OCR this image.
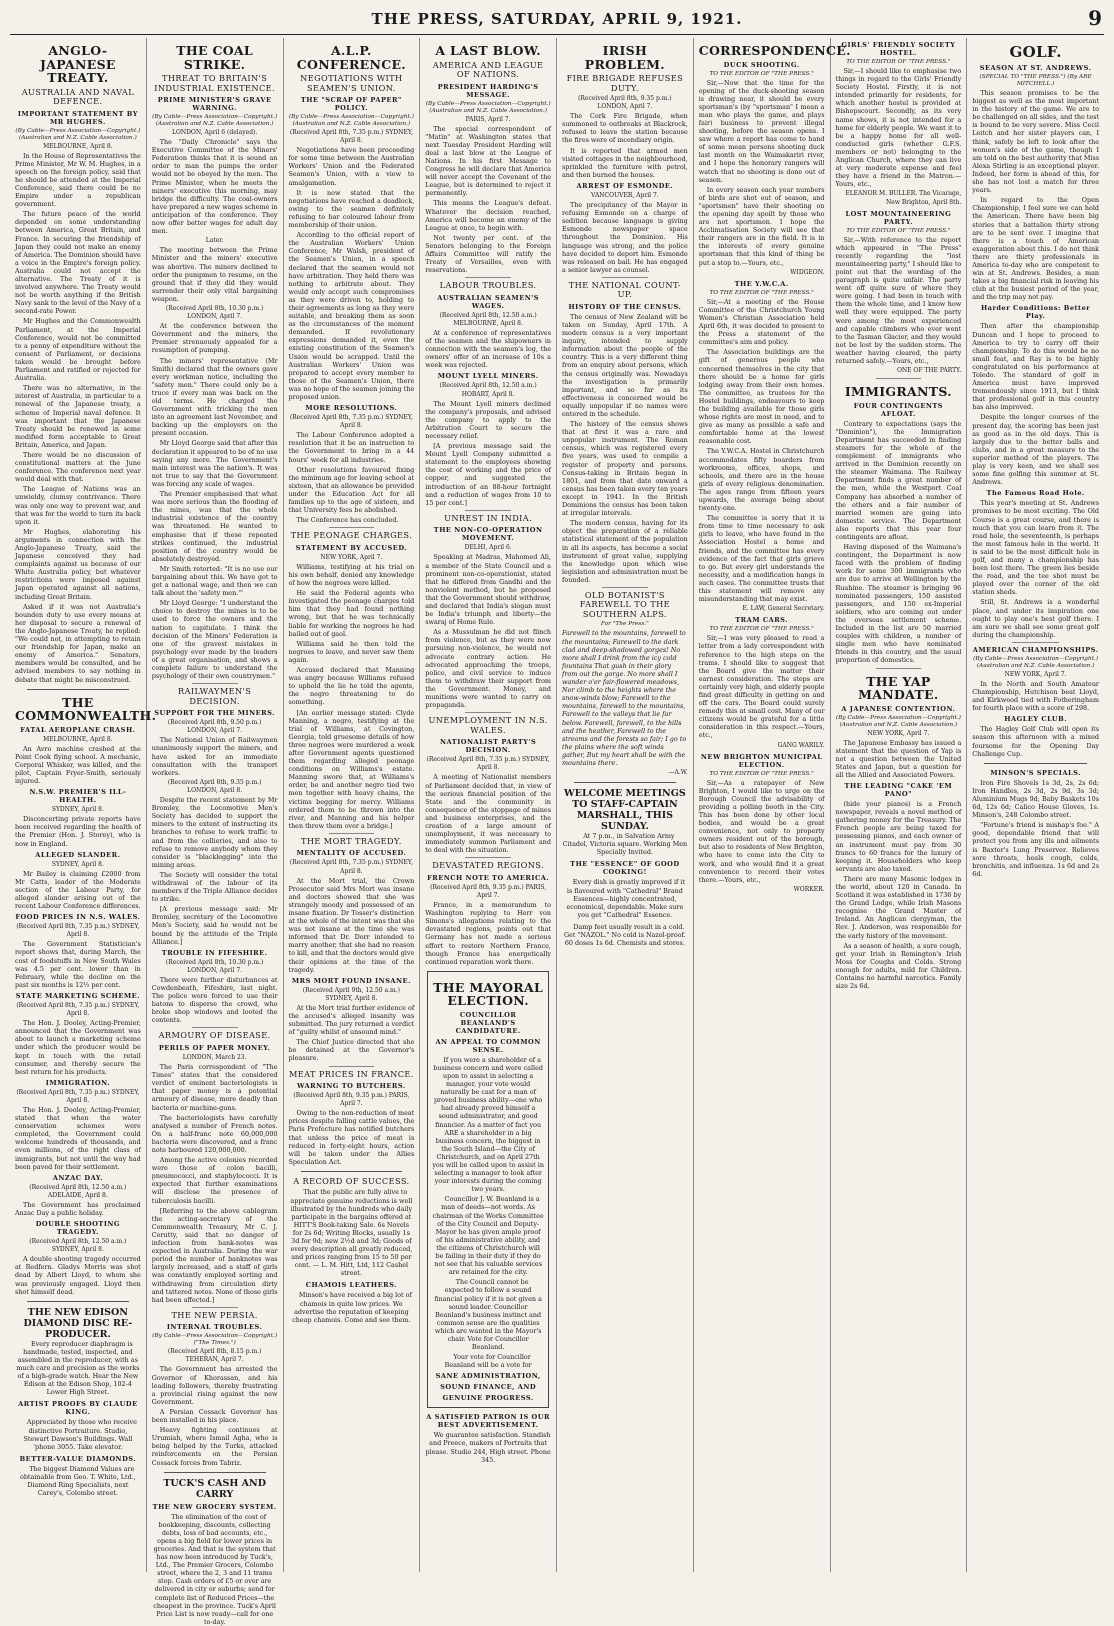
THE PRESS, SATURDAY, APRIL 9, 1921.	9
ANGLO-JAPANESE TREATY.
AUSTRALIA AND NAVAL DEFENCE.
IMPORTANT STATEMENT BY MR HUGHES.
(By Cable—Press Association—Copyright.) (Australian and N.Z. Cable Association.)
MELBOURNE, April 8.

In the House of Representatives the Prime Minister, Mr W. M. Hughes, in a speech on the foreign policy, said that he should be attended at the Imperial Conference, said there could be no Empire under a republican government.

The future peace of the world depended on some understanding between America, Great Britain, and France. In securing the friendship of Japan they could not make an enemy of America. The Dominion should have a voice in the Empire's foreign policy. Australia could not accept the alternative. The Treaty of it is involved anywhere. The Treaty would not be worth anything if the British Navy sank to the level of the Navy of a second-rate Power.

Mr Hughes and the Commonwealth Parliament, at the Imperial Conference, would not be committed to a penny of expenditure without the consent of Parliament, or decisions taken would be brought before Parliament and ratified or rejected for Australia.

There was no alternative, in the interest of Australia, in particular to a renewal of the Japanese treaty, a scheme of Imperial naval defence. It was important that the Japanese Treaty should be renewed in some modified form acceptable to Great Britain, America, and Japan.

There would be no discussion of constitutional matters at the June conference. The conference next year would deal with that.

The League of Nations was an unwieldy, clumsy contrivance. There was only one way to prevent war, and that was for the world to turn its back upon it.

Mr Hughes, elaborating his arguments in connection with the Anglo-Japanese Treaty, said the Japanese conceived they had complaints against us because of our White Australia policy, but whatever restrictions were imposed against Japan operated against all nations, including Great Britain.

Asked if it was not Australia's bounden duty to use every means at her disposal to secure a renewal of the Anglo-Japanese Treaty, he replied: "We could not, in attempting to retain our friendship for Japan, make an enemy of America." Senators, members would be consulted, and he advised members to say nothing in debate that might be misconstrued.

THE COMMONWEALTH.
FATAL AEROPLANE CRASH.
MELBOURNE, April 8.

An Avro machine crashed at the Point Cook flying school. A mechanic, Corporal Whisker, was killed, and the pilot, Captain Fryer-Smith, seriously injured.

N.S.W. PREMIER'S ILL-HEALTH.
SYDNEY, April 8.

Disconcerting private reports have been received regarding the health of the Premier (Hon. J. Storey), who is now in England.

ALLEGED SLANDER.
SYDNEY, April 8.

Mr Bailey is claiming £2000 from Mr Catts, leader of the Moderate section of the Labour Party, for alleged slander arising out of the recent Labour Conference differences.

FOOD PRICES IN N.S. WALES.
(Received April 8th, 7.35 p.m.) SYDNEY, April 8.

The Government Statistician's report shows that, during March, the cost of foodstuffs in New South Wales was 4.5 per cent. lower than in February, while the decline on the past six months is 12½ per cent.

STATE MARKETING SCHEME.
(Received April 8th, 7.35 p.m.) SYDNEY, April 8.

The Hon. J. Dooley, Acting-Premier, announced that the Government was about to launch a marketing scheme under which the producer would be kept in touch with the retail consumer, and thereby secure the best return for his products.

IMMIGRATION.
(Received April 8th, 7.35 p.m.) SYDNEY, April 8.

The Hon. J. Dooley, Acting-Premier, stated that when the water conservation schemes were completed, the Government could welcome hundreds of thousands, and even millions, of the right class of immigrants, but not until the way had been paved for their settlement.

ANZAC DAY.
(Received April 8th, 12.50 a.m.) ADELAIDE, April 8.

The Government has proclaimed Anzac Day a public holiday.

DOUBLE SHOOTING TRAGEDY.
(Received April 8th, 12.50 a.m.) SYDNEY, April 8.

A double shooting tragedy occurred at Redfern. Gladys Morris was shot dead by Albert Lloyd, to whom she was previously engaged. Lloyd then shot himself dead.

THE NEW EDISON DIAMOND DISC RE-PRODUCER.

Every reproducer diaphragm is handmade, tested, inspected, and assembled in the reproducer, with as much care and precision as the works of a high-grade watch. Hear the New Edison at the Edison Shop, 102-4 Lower High Street.

ARTIST PROOFS BY CLAUDE KING.

Appreciated by those who receive distinctive Portraiture. Studio, Stewart Dawson's Buildings. Wall 'phone 3055. Take elevator.

BETTER-VALUE DIAMONDS.

The biggest Diamond Values are obtainable from Geo. T. White, Ltd., Diamond Ring Specialists, next Carey's, Colombo street.

THE COAL STRIKE.
THREAT TO BRITAIN'S INDUSTRIAL EXISTENCE.
PRIME MINISTER'S GRAVE WARNING.
(By Cable—Press Association—Copyright.) (Australian and N.Z. Cable Association.)
LONDON, April 6 (delayed).

The "Daily Chronicle" says the Executive Committee of the Miners' Federation thinks that it is sound an order to man the pumps the order would not be obeyed by the men. The Prime Minister, when he meets the miners' executive this morning, may bridge the difficulty. The coal-owners have prepared a new wages scheme in anticipation of the conference. They now offer better wages for adult day men.

Later.

The meeting between the Prime Minister and the miners' executive was abortive. The miners declined to order the pumpmen to resume, on the ground that if they did they would surrender their only vital bargaining weapon.

(Received April 8th, 10.30 p.m.) LONDON, April 7.

At the conference between the Government and the miners, the Premier strenuously appealed for a resumption of pumping.

The miners' representative (Mr Smith) declared that the owners gave every workman notice, including the "safety men." There could only be a truce if every man was back on the old terms. He charged the Government with tricking the men into an agreement last November, and backing up the employers on the present occasion.

Mr Lloyd George said that after this declaration it appeared to be of no use saying any more. The Government's main interest was the nation's. It was not true to say that the Government was forcing any scale of wages.

The Premier emphasised that what was more serious than the flooding of the mines, was that the whole industrial existence of the country was threatened. He wanted to emphasise that if these repeated strikes continued, the industrial position of the country would be absolutely destroyed.

Mr Smith retorted: "It is no use our bargaining about this. We have got to get a national wage, and then we can talk about the 'safety men.'"

Mr Lloyd George: "I understand the choice to destroy the mines is to be used to force the owners and the nation to capitulate. I think the decision of the Miners' Federation is one of the gravest mistakes in psychology ever made by the leaders of a great organisation, and shows a complete failure to understand the psychology of their own countrymen."

RAILWAYMEN'S DECISION.
SUPPORT FOR THE MINERS.
(Received April 8th, 9.50 p.m.) LONDON, April 7.

The National Union of Railwaymen unanimously support the miners, and have asked for an immediate consultation with the transport workers.

(Received April 8th, 9.35 p.m.) LONDON, April 8.

Despite the recent statement by Mr Bromley, the Locomotive Men's Society has decided to support the miners to the extent of instructing its branches to refuse to work traffic to and from the collieries, and also to refuse to remove anybody whom they consider is "blacklegging" into the mining areas.

The Society will consider the total withdrawal of the labour of its members if the Triple Alliance decides to strike.

[A previous message said: Mr Bromley, secretary of the Locomotive Men's Society, said he would not be bound by the attitude of the Triple Alliance.]

TROUBLE IN FIFESHIRE.
(Received April 8th, 10.30 p.m.) LONDON, April 7.

There were further disturbances at Cowdenbeath, Fifeshire, last night. The police were forced to use their batons to disperse the crowd, who broke shop windows and looted the contents.

ARMOURY OF DISEASE.
PERILS OF PAPER MONEY.
LONDON, March 23.

The Paris correspondent of "The Times" states that the considered verdict of eminent bacteriologists is that paper money is a potential armoury of disease, more deadly than bacteria or machine-guns.

The bacteriologists have carefully analysed a number of French notes. On a half-franc note 60,000,000 bacteria were discovered, and a franc note harboured 120,000,000.

Among the active colonies recorded were those of colon bacilli, pneumococci, and staphylococci. It is expected that further examinations will disclose the presence of tuberculosis bacilli.

[Referring to the above cablegram the acting-secretary of the Commonwealth Treasury, Mr C. J. Cerutty, said that no danger of infection from bank-notes was expected in Australia. During the war period the number of banknotes was largely increased, and a staff of girls was constantly employed sorting and withdrawing from circulation dirty and tattered notes. None of those girls had been affected.]

THE NEW PERSIA.
INTERNAL TROUBLES.
(By Cable—Press Association—Copyright.) ("The Times.")
(Received April 8th, 8.15 p.m.) TEHERAN, April 7.

The Government has arrested the Governor of Khorassan, and his leading followers, thereby frustrating a provincial rising against the new Government.

A Persian Cossack Governor has been installed in his place.

Heavy fighting continues at Urumiah, where Ismail Agha, who is being helped by the Turks, attacked reinforcements on the Persian Cossack forces from Tabriz.

TUCK'S CASH AND CARRY
THE NEW GROCERY SYSTEM.

The elimination of the cost of bookkeeping, discounts, collecting debts, loss of bad accounts, etc., opens a big field for lower prices in groceries. And that is the system that has now been introduced by Tuck's, Ltd., The Premier Grocers, Colombo street, where the 2, 3 and 11 trams stop. Cash orders of £5 or over are delivered in city or suburbs; send for complete list of Reduced Prices—the cheapest in the province. Tuck's April Price List is now ready—call for one to-day.

A.L.P. CONFERENCE.
NEGOTIATIONS WITH SEAMEN'S UNION.
THE "SCRAP OF PAPER" POLICY.
(By Cable—Press Association—Copyright.) (Australian and N.Z. Cable Association.)
(Received April 8th, 7.35 p.m.) SYDNEY, April 8.

Negotiations have been proceeding for some time between the Australian Workers' Union and the Federated Seamen's Union, with a view to amalgamation.

It is now stated that the negotiations have reached a deadlock, owing to the seamen definitely refusing to bar coloured labour from membership of their union.

According to the official report of the Australian Workers' Union Conference, Mr Walsh, president of the Seamen's Union, in a speech declared that the seamen would not have arbitration. They held there was nothing to arbitrate about. They would only accept such compromises as they were driven to, holding to their agreements as long as they were suitable, and breaking them as soon as the circumstances of the moment demanded. If revolutionary expressions demanded it, even the existing constitution of the Seamen's Union would be scrapped. Until the Australian Workers' Union was prepared to accept every member to those of the Seamen's Union, there was no hope of the seamen joining the proposed union.

MORE RESOLUTIONS.
(Received April 8th, 7.35 p.m.) SYDNEY, April 8.

The Labour Conference adopted a resolution that it be an instruction to the Government to bring in a 44 hours' week for all industries.

Other resolutions favoured fixing the minimum age for leaving school at sixteen, that an allowance be provided under the Education Act for all families up to the age of sixteen, and that University fees be abolished.

The Conference has concluded.

THE PEONAGE CHARGES.
STATEMENT BY ACCUSED.
NEW YORK, April 7.

Williams, testifying at his trial on his own behalf, denied any knowledge of how the negroes were killed.

He said the Federal agents who investigated the peonage charges told him that they had found nothing wrong, but that he was technically liable for working the negroes he had bailed out of gaol.

Williams said he then told the negroes to leave, and never saw them again.

Accused declared that Manning was angry because Williams refused to uphold the lie he told the agents, the negro threatening to do something.

[An earlier message stated: Clyde Manning, a negro, testifying at the trial of Williams, at Covington, Georgia, told gruesome details of how three negroes were murdered a week after Government agents questioned them regarding alleged peonage conditions on Williams's estate. Manning swore that, at Williams's order, he and another negro tied two men together with heavy chains, the victims begging for mercy. Williams ordered them to be thrown into the river, and Manning and his helper then threw them over a bridge.]

THE MORT TRAGEDY.
MENTALITY OF ACCUSED.
(Received April 8th, 7.35 p.m.) SYDNEY, April 8.

At the Mort trial, the Crown Prosecutor said Mrs Mort was insane and doctors showed that she was strangely moody and possessed of an insane fixation. Dr Tosser's distinction at the whole of the intent was that she was not insane at the time she was informed that Dr. Dorr intended to marry another, that she had no reason to kill, and that the doctors would give their opinions at the time of the tragedy.

MRS MORT FOUND INSANE.
(Received April 9th, 12.50 a.m.) SYDNEY, April 8.

At the Mort trial further evidence of the accused's alleged insanity was submitted. The jury returned a verdict of "guilty whilst of unsound mind."

The Chief Justice directed that she be detained at the Governor's pleasure.

MEAT PRICES IN FRANCE.
WARNING TO BUTCHERS.
(Received April 8th, 9.35 p.m.) PARIS, April 7.

Owing to the non-reduction of meat prices despite falling cattle values, the Paris Prefecture has notified butchers that unless the price of meat is reduced in forty-eight hours, action will be taken under the Allies Speculation Act.

A RECORD OF SUCCESS.

That the public are fully alive to appreciate genuine reductions is well illustrated by the hundreds who daily participate in the bargains offered at HITT'S Book-taking Sale. 6s Novels for 2s 6d; Writing Blocks, usually 1s 3d for 9d; new 2½d and 3d; Goods of every description all greatly reduced, and prices ranging from 15 to 50 per cent. — L. M. Hitt, Ltd, 112 Cashel street.

CHAMOIS LEATHERS.

Minson's have received a big lot of chamois in quite low prices. We advertise the reputation of keeping cheap chamois. Come and see them.

A LAST BLOW.
AMERICA AND LEAGUE OF NATIONS.
PRESIDENT HARDING'S MESSAGE.
(By Cable—Press Association—Copyright.) (Australian and N.Z. Cable Association.)
PARIS, April 7.

The special correspondent of "Matin" at Washington states that next Tuesday President Harding will deal a last blow at the League of Nations. In his first Message to Congress he will declare that America will never accept the Covenant of the League, but is determined to reject it permanently.

This means the League's defeat. Whatever the decision reached, America will become an enemy of the League at once, to begin with.

Not twenty per cent. of the Senators belonging to the Foreign Affairs Committee will ratify the Treaty of Versailles, even with reservations.

LABOUR TROUBLES.
AUSTRALIAN SEAMEN'S WAGES.
(Received April 8th, 12.50 a.m.) MELBOURNE, April 8.

At a conference of representatives of the seamen and the shipowners in connection with the seamen's log, the owners' offer of an increase of 10s a week was rejected.

MOUNT LYELL MINERS.
(Received April 8th, 12.50 a.m.) HOBART, April 8.

The Mount Lyell miners declined the company's proposals, and advised the company to apply to the Arbitration Court to secure the necessary relief.

[A previous message said the Mount Lyell Company submitted a statement to the employees showing the cost of working and the price of copper, and suggested the introduction of an 88-hour fortnight and a reduction of wages from 10 to 15 per cent.]

UNREST IN INDIA.
THE NON-CO-OPERATION MOVEMENT.
DELHI, April 6.

Speaking at Madras, Mahomed Ali, a member of the State Council and a prominent non-co-operationist, stated that he differed from Gandhi and the nonviolent method, but he proposed that the Government should withdraw, and declared that India's slogan must be India's triumph and liberty—the swaraj of Home Rule.

As a Mussulman he did not flinch from violence, but as they were now pursuing non-violence, he would not advocate contrary action. He advocated approaching the troops, police, and civil service to induce them to withdraw their support from the Government. Money, and munitions were wanted to carry on propaganda.

UNEMPLOYMENT IN N.S. WALES.
NATIONALIST PARTY'S DECISION.
(Received April 8th, 7.35 p.m.) SYDNEY, April 8.

A meeting of Nationalist members of Parliament decided that, in view of the serious financial position of the State and the community in consequence of the stoppage of mines and business enterprises, and the creation of a large amount of unemployment, it was necessary to immediately summon Parliament and to deal with the situation.

DEVASTATED REGIONS.
FRENCH NOTE TO AMERICA.
(Received April 8th, 9.35 p.m.) PARIS, April 7.

France, in a memorandum to Washington replying to Herr von Simons's allegations relating to the devastated regions, points out that Germany has not made a serious effort to restore Northern France, though France has energetically continued reparation work there.

THE MAYORAL ELECTION.
COUNCILLOR BEANLAND'S CANDIDATURE.
AN APPEAL TO COMMON SENSE.

If you were a shareholder of a business concern and were called upon to assist in selecting a manager, your vote would naturally be cast for a man of proved business ability—one who had already proved himself a sound administrator, and good financier. As a matter of fact you ARE a shareholder in a big business concern, the biggest in the South Island—the City of Christchurch, and on April 27th you will be called upon to assist in selecting a manager to look after your interests during the coming two years.

Councillor J. W. Beanland is a man of deeds—not words. As chairman of the Works Committee of the City Council and Deputy-Mayor he has given ample proof of his administrative ability, and the citizens of Christchurch will be failing in their duty if they do not see that his valuable services are retained for the city.

The Council cannot be expected to follow a sound financial policy if it is not given a sound leader. Councillor Beanland's business instinct and common sense are the qualities which are wanted in the Mayor's chair. Vote for Councillor Beanland.

Your vote for Councillor Beanland will be a vote for

SANE ADMINISTRATION,
SOUND FINANCE, AND
GENUINE PROGRESS.
A SATISFIED PATRON IS OUR BEST ADVERTISEMENT.

We guarantee satisfaction. Standish and Preece, makers of Portraits that please. Studio 244, High street. Phone 345.

IRISH PROBLEM.
FIRE BRIGADE REFUSES DUTY.
(Received April 8th, 9.35 p.m.) LONDON, April 7.

The Cork Fire Brigade, when summoned to outbreaks at Blackrock, refused to leave the station because the fires were of incendiary origin.

It is reported that armed men visited cottages in the neighbourhood, sprinkled the furniture with petrol, and then burned the houses.

ARREST OF ESMONDE.
VANCOUVER, April 7.

The precipitancy of the Mayor in refusing Esmonde on a charge of sedition because language is giving Esmonde newspaper space throughout the Dominion. His language was strong, and the police have decided to deport him. Esmonde was released on bail. He has engaged a senior lawyer as counsel.

THE NATIONAL COUNT-UP.
HISTORY OF THE CENSUS.

The census of New Zealand will be taken on Sunday, April 17th. A modern census is a very important inquiry, intended to supply information about the people of the country. This is a very different thing from an enquiry about persons, which the census originally was. Nowadays the investigation is primarily important, and so far as its effectiveness is concerned would be equally unpopular if no names were entered in the schedule.

The history of the census shows that at first it was a rare and unpopular instrument. The Roman census, which was registered every five years, was used to compile a register of property and persons. Census-taking in Britain began in 1801, and from that date onward a census has been taken every ten years except in 1941. In the British Dominions the census has been taken at irregular intervals.

The modern census, having for its object the preparation of a reliable statistical statement of the population in all its aspects, has become a social instrument of great value, supplying the knowledge upon which wise legislation and administration must be founded.

OLD BOTANIST'S FAREWELL TO THE SOUTHERN ALPS.
For "The Press."

Farewell to the mountains, farewell to the mountains; Farewell to the dark clad and deep-shadowed gorges! No more shall I drink from the icy cold fountains That gush in their glory from out the gorge. No more shall I wander o'er fair-flowered meadows, Nor climb to the heights where the snow-winds blow; Farewell to the mountains, farewell to the mountains, Farewell to the valleys that lie far below. Farewell, farewell, to the hills and the heather, Farewell to the streams and the forests so fair; I go to the plains where the soft winds gather, But my heart shall be with the mountains there.

—A.W.
WELCOME MEETINGS TO STAFF-CAPTAIN MARSHALL, THIS SUNDAY.

At 7 p.m., in Salvation Army Citadel, Victoria square. Working Men Specially Invited.

THE "ESSENCE" OF GOOD COOKING!

Every dish is greatly improved if it is flavoured with "Cathedral" Brand Essences—highly concentrated, economical, dependable. Make sure you get "Cathedral" Essence.

Damp feet usually result in a cold. Get "NAZOL." No cold is Nazol-proof. 60 doses 1s 6d. Chemists and stores.

CORRESPONDENCE.
DUCK SHOOTING.
TO THE EDITOR OF "THE PRESS."

Sir,—Now that the time for the opening of the duck-shooting season is drawing near, it should be every sportsman's (by "sportsman" I mean a man who plays the game, and plays fair) business to prevent illegal shooting, before the season opens. I saw where a report has come to hand of some mean persons shooting duck last month on the Waimakariri river, and I hope the honorary rangers will watch that no shooting is done out of season.

In every season each year numbers of birds are shot out of season, and "sportsmen" have their shooting on the opening day spoilt by those who are not sportsmen. I hope the Acclimatisation Society will see that their rangers are in the field. It is in the interests of every genuine sportsman that this kind of thing be put a stop to.—Yours, etc.,

WIDGEON.
THE Y.W.C.A.
TO THE EDITOR OF "THE PRESS."

Sir,—At a meeting of the House Committee of the Christchurch Young Women's Christian Association held April 6th, it was decided to present to the Press a statement of the committee's aim and policy.

The Association buildings are the gift of generous people who concerned themselves in the city that there should be a home for girls lodging away from their own homes. The committee, as trustees for the Hostel buildings, endeavours to keep the building available for those girls whose rights are most in need, and to give as many as possible a safe and comfortable home at the lowest reasonable cost.

The Y.W.C.A. Hostel in Christchurch accommodates fifty boarders from workrooms, offices, shops, and schools, and there are in the house girls of every religious denomination. The ages range from fifteen years upwards, the average being about twenty-one.

The committee is sorry that it is from time to time necessary to ask girls to leave, who have found in the Association Hostel a home and friends, and the committee has every evidence of the fact that girls grieve to go. But every girl understands the necessity, and a modification hangs in such cases. The committee trusts that this statement will remove any misunderstanding that may exist.

E. LAW, General Secretary.
TRAM CARS.
TO THE EDITOR OF "THE PRESS."

Sir,—I was very pleased to read a letter from a lady correspondent with reference to the high steps on the trams. I should like to suggest that the Board give the matter their earnest consideration. The steps are certainly very high, and elderly people find great difficulty in getting on and off the cars. The Board could surely remedy this at small cost. Many of our citizens would be grateful for a little consideration in this respect.—Yours, etc.,

GANG WARILY.
NEW BRIGHTON MUNICIPAL ELECTION.
TO THE EDITOR OF "THE PRESS."

Sir,—As a ratepayer of New Brighton, I would like to urge on the Borough Council the advisability of providing a polling booth in the City. This has been done by other local bodies, and would be a great convenience, not only to property owners resident out of the borough, but also to residents of New Brighton, who have to come into the City to work, and who would find it a great convenience to record their votes there.—Yours, etc.,

WORKER.
GIRLS' FRIENDLY SOCIETY HOSTEL.
TO THE EDITOR OF "THE PRESS."

Sir,—I should like to emphasise two things in regard to the Girls' Friendly Society Hostel. Firstly, it is not intended primarily for residents, for which another hostel is provided at Bishopscourt. Secondly, as its very name shows, it is not intended for a home for elderly people. We want it to be a happy home for all well-conducted girls (whether G.F.S. members or not) belonging to the Anglican Church, where they can live at very moderate expense and feel they have a friend in the Matron.—Yours, etc.,

ELEANOR M. BULLER. The Vicarage, New Brighton, April 8th.
LOST MOUNTAINEERING PARTY.
TO THE EDITOR OF "THE PRESS."

Sir,—With reference to the report which appeared in "The Press" recently regarding the "lost mountaineering party," I should like to point out that the wording of the paragraph is quite unfair. The party went off quite sure of where they were going. I had been in touch with them the whole time, and I know how well they were equipped. The party were among the most experienced and capable climbers who ever went to the Tasman Glacier, and they would not be lost by the sudden storm. The weather having cleared, the party returned safely.—Yours, etc.,

ONE OF THE PARTY.
IMMIGRANTS.
FOUR CONTINGENTS AFLOAT.

Contrary to expectations (says the "Dominion"), the Immigration Department has succeeded in finding steamers for the whole of the complement of immigrants who arrived in the Dominion recently on the steamer Waimana. The Railway Department finds a great number of the men, while the Westport Coal Company has absorbed a number of the others and a fair number of married women are going into domestic service. The Department also reports that this year four contingents are afloat.

Having disposed of the Waimana's contingent, the Department is now faced with the problem of finding work for some 300 immigrants who are due to arrive at Wellington by the Ruahine. The steamer is bringing 96 nominated passengers, 150 assisted passengers, and 150 ex-Imperial soldiers, who are coming out under the overseas settlement scheme. Included in the list are 50 married couples with children, a number of single men who have nominated friends in this country, and the usual proportion of domestics.

THE YAP MANDATE.
A JAPANESE CONTENTION.
(By Cable—Press Association—Copyright.) (Australian and N.Z. Cable Association.)
NEW YORK, April 7.

The Japanese Embassy has issued a statement that the question of Yap is not a question between the United States and Japan, but a question for all the Allied and Associated Powers.

THE LEADING "CAKE 'EM PANO"

(hide your pianos) is a French newspaper, reveals a novel method of gathering money for the Treasury. The French people are being taxed for possessing pianos, and each owner of an instrument must pay from 30 francs to 60 francs for the luxury of keeping it. Householders who keep servants are also taxed.

There are many Masonic lodges in the world, about 120 in Canada. In Scotland it was established in 1736 by the Grand Lodge, while Irish Masons recognise the Grand Master of Ireland. An Anglican clergyman, the Rev. J. Anderson, was responsible for the early history of the movement.

As a season of health, a sure cough, get your Irish in Remington's Irish Moss for Coughs and Colds. Strong enough for adults, mild for Children. Contains no harmful narcotics. Family size 2s 6d.

GOLF.
SEASON AT ST. ANDREWS.
(SPECIAL TO "THE PRESS.") (By ARE MITCHELL.)

This season promises to be the biggest as well as the most important in the history of the game. We are to be challenged on all sides, and the test is bound to be very severe. Miss Cecil Leitch and her sister players can, I think, safely be left to look after the women's side of the game, though I am told on the best authority that Miss Alexa Stirling is an exceptional player. Indeed, her form is ahead of this, for she has not lost a match for three years.

In regard to the Open Championship, I feel sure we can hold the American. There have been big stories that a battalion thirty strong are to be sent over. I imagine that there is a touch of American exaggeration about this. I do not think there are thirty professionals in America to-day who are competent to win at St. Andrews. Besides, a man takes a big financial risk in leaving his club at the busiest period of the year, and the trip may not pay.

Harder Conditions: Better Play.

Then after the championship Duncan and I hope to proceed to America to try to carry off their championship. To do this would be no small feat, and Ray is to be highly congratulated on his performance at Toledo. The standard of golf in America must have improved tremendously since 1913, but I think that professional golf in this country has also improved.

Despite the longer courses of the present day, the scoring has been just as good as in the old days. This is largely due to the better balls and clubs, and in a great measure to the superior method of the players. The play is very keen, and we shall see some fine golfing this summer at St. Andrews.

The Famous Road Hole.

This year's meeting at St. Andrews promises to be most exciting. The Old Course is a great course, and there is much that you can learn from it. The road hole, the seventeenth, is perhaps the most famous hole in the world. It is said to be the most difficult hole in golf, and many a championship has been lost there. The green lies beside the road, and the tee shot must be played over the corner of the old station sheds.

Still, St. Andrews is a wonderful place, and under its inspiration one ought to play one's best golf there. I am sure we shall see some great golf during the championship.

AMERICAN CHAMPIONSHIPS.
(By Cable—Press Association—Copyright.) (Australian and N.Z. Cable Association.)
NEW YORK, April 7.

In the North and South Amateur Championship, Hutchison beat Lloyd, and Kirkwood tied with Fotheringham for fourth place with a score of 298.

HAGLEY CLUB.

The Hagley Golf Club will open its season this afternoon with a mixed foursome for the Opening Day Challenge Cup.

MINSON'S SPECIALS.

Iron Fire Shovels 1s 3d, 2s, 2s 6d; Iron Handles, 2s 3d, 2s 9d, 3s 3d; Aluminium Mugs 9d; Baby Baskets 10s 6d, 12s 6d; Calico House Gloves, 1s. Minson's, 248 Colombo street.

"Fortune's friend is mishap's foe." A good, dependable friend that will protect you from any ills and ailments is Baxter's Lung Preserver. Relieves sore throats, heals cough, colds, bronchitis, and influenza. 1s 6d and 2s 6d.
